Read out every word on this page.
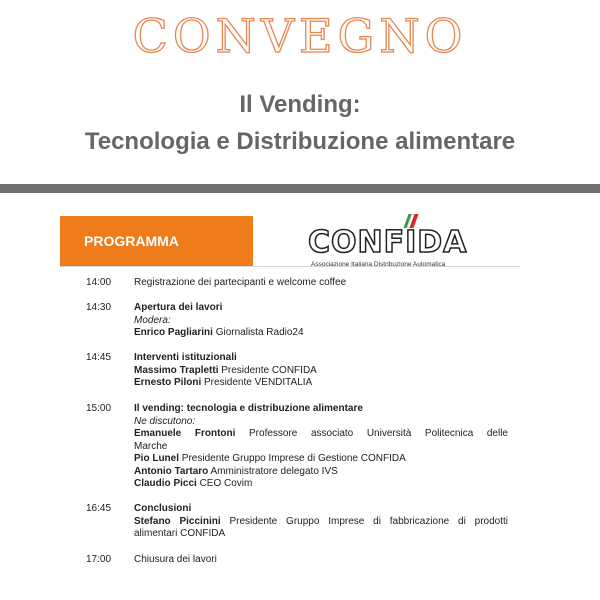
CONVEGNO
Il Vending:
Tecnologia e Distribuzione alimentare
PROGRAMMA	CONFIDA
Associazione Italiana Distribuzione Automatica
14:00 Registrazione dei partecipanti e welcome coffee
14:30 Apertura dei lavori
Modera:
Enrico Pagliarini Giornalista Radio24
14:45 Interventi istituzionali
Massimo Trapletti Presidente CONFIDA
Ernesto Piloni Presidente VENDITALIA
15:00 Il vending: tecnologia e distribuzione alimentare
Ne discutono:
Emanuele Frontoni Professore associato Università Politecnica delle
Marche
Pio Lunel Presidente Gruppo Imprese di Gestione CONFIDA
Antonio Tartaro Amministratore delegato IVS
Claudio Picci CEO Covim
16:45 Conclusioni
Stefano Piccinini Presidente Gruppo Imprese di fabbricazione di prodotti
alimentari CONFIDA
17:00 Chiusura dei lavori
